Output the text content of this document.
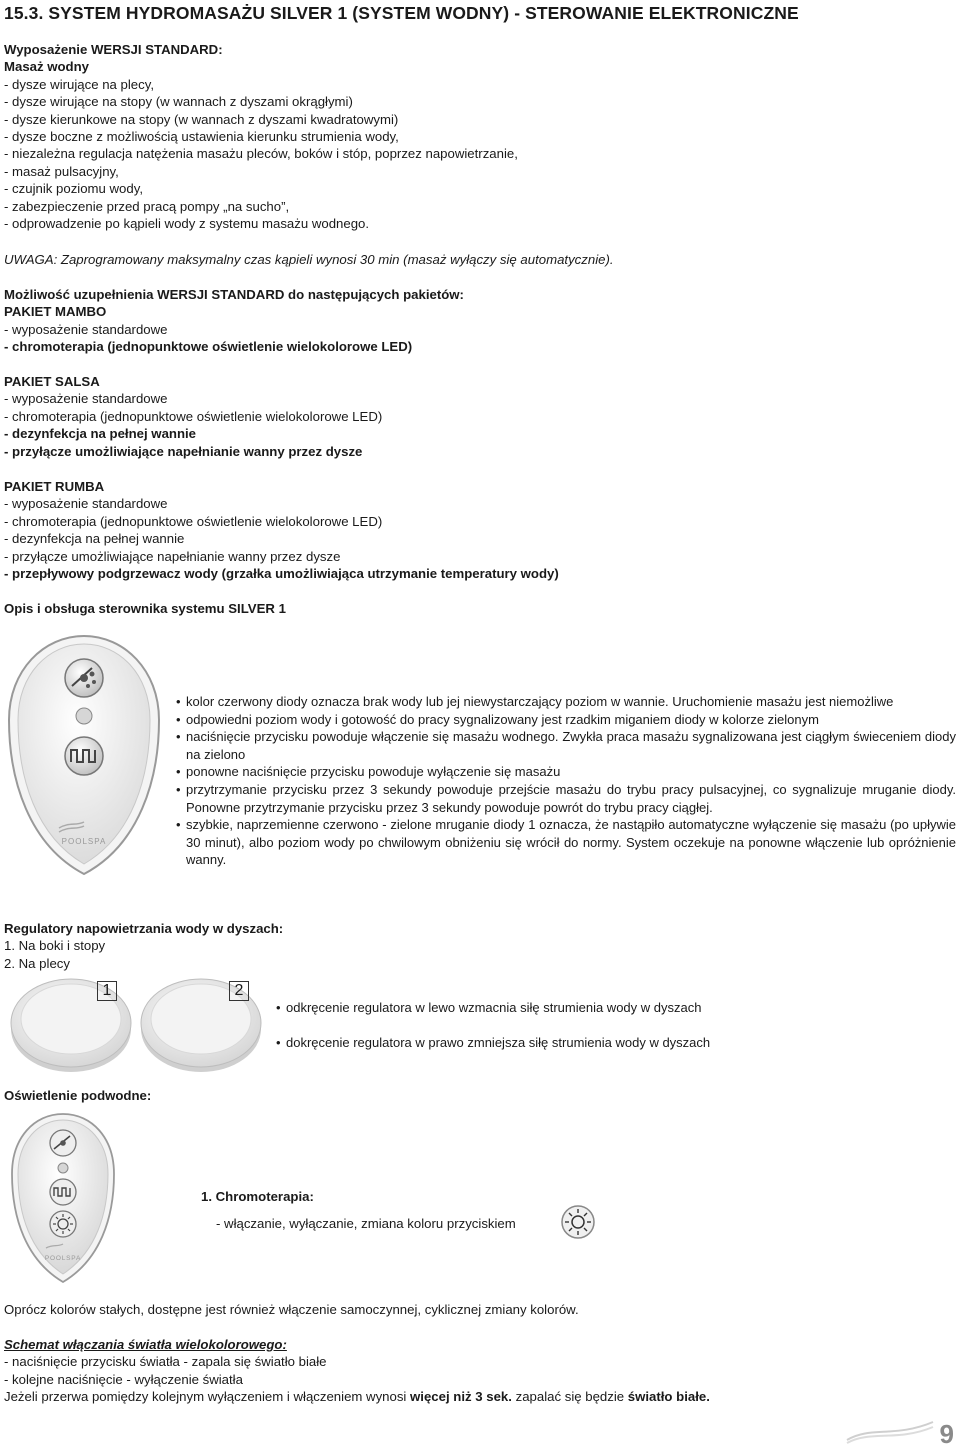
15.3. SYSTEM HYDROMASAŻU SILVER 1 (SYSTEM WODNY) - STEROWANIE ELEKTRONICZNE
Wyposażenie WERSJI STANDARD:
Masaż wodny
- dysze wirujące na plecy,
- dysze wirujące na stopy (w wannach z dyszami okrągłymi)
- dysze kierunkowe na stopy (w wannach z dyszami kwadratowymi)
- dysze boczne z możliwością ustawienia kierunku strumienia wody,
- niezależna regulacja natężenia masażu pleców, boków i stóp, poprzez napowietrzanie,
- masaż pulsacyjny,
- czujnik poziomu wody,
- zabezpieczenie przed pracą pompy „na sucho”,
- odprowadzenie po kąpieli wody z systemu masażu wodnego.
UWAGA: Zaprogramowany maksymalny czas kąpieli wynosi 30 min (masaż wyłączy się automatycznie).
Możliwość uzupełnienia WERSJI STANDARD do następujących pakietów:
PAKIET MAMBO
- wyposażenie standardowe
- chromoterapia (jednopunktowe oświetlenie wielokolorowe LED)
PAKIET SALSA
- wyposażenie standardowe
- chromoterapia (jednopunktowe oświetlenie wielokolorowe LED)
- dezynfekcja na pełnej wannie
- przyłącze umożliwiające napełnianie wanny przez dysze
PAKIET RUMBA
- wyposażenie standardowe
- chromoterapia (jednopunktowe oświetlenie wielokolorowe LED)
- dezynfekcja na pełnej wannie
- przyłącze umożliwiające napełnianie wanny przez dysze
- przepływowy podgrzewacz wody (grzałka umożliwiająca utrzymanie temperatury wody)
Opis i obsługa sterownika systemu SILVER 1
POOLSPA
• kolor czerwony diody oznacza brak wody lub jej niewystarczający poziom w wannie. Uruchomienie masażu jest niemożliwe
• odpowiedni poziom wody i gotowość do pracy sygnalizowany jest rzadkim miganiem diody w kolorze zielonym
• naciśnięcie przycisku powoduje włączenie się masażu wodnego. Zwykła praca masażu sygnalizowana jest ciągłym świeceniem diody na zielono
• ponowne naciśnięcie przycisku powoduje wyłączenie się masażu
• przytrzymanie przycisku przez 3 sekundy powoduje przejście masażu do trybu pracy pulsacyjnej, co sygnalizuje mruganie diody. Ponowne przytrzymanie przycisku przez 3 sekundy powoduje powrót do trybu pracy ciągłej.
• szybkie, naprzemienne czerwono - zielone mruganie diody 1 oznacza, że nastąpiło automatyczne wyłączenie się masażu (po upływie 30 minut), albo poziom wody po chwilowym obniżeniu się wrócił do normy. System oczekuje na ponowne włączenie lub opróżnienie wanny.
Regulatory napowietrzania wody w dyszach:
1. Na boki i stopy
2. Na plecy
1	2
• odkręcenie regulatora w lewo wzmacnia siłę strumienia wody w dyszach
• dokręcenie regulatora w prawo zmniejsza siłę strumienia wody w dyszach
Oświetlenie podwodne:
POOLSPA
1. Chromoterapia:
- włączanie, wyłączanie, zmiana koloru przyciskiem
Oprócz kolorów stałych, dostępne jest również włączenie samoczynnej, cyklicznej zmiany kolorów.
Schemat włączania światła wielokolorowego:
- naciśnięcie przycisku światła - zapala się światło białe
- kolejne naciśnięcie - wyłączenie światła
Jeżeli przerwa pomiędzy kolejnym wyłączeniem i włączeniem wynosi więcej niż 3 sek. zapalać się będzie światło białe.
9
